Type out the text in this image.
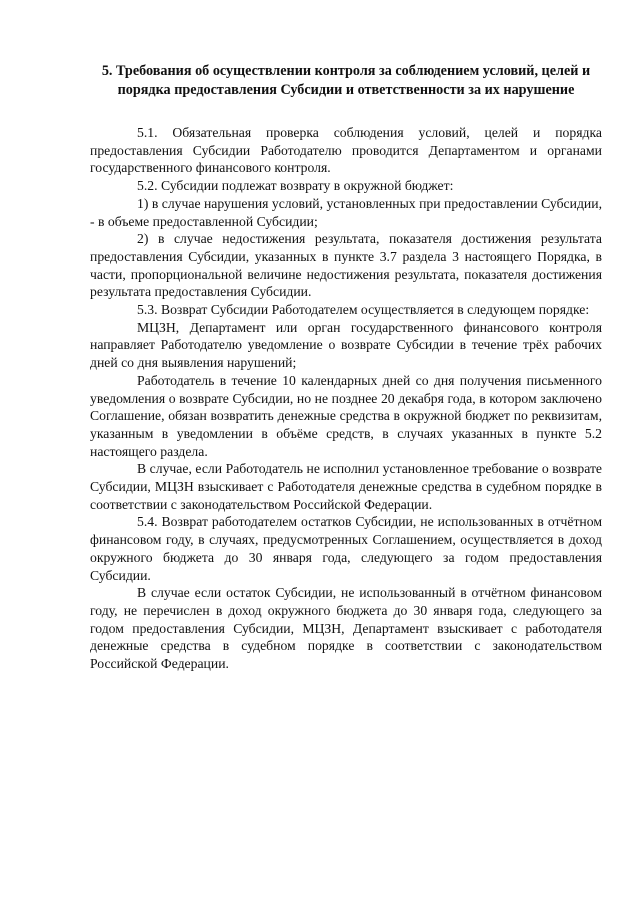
5. Требования об осуществлении контроля за соблюдением условий, целей и порядка предоставления Субсидии и ответственности за их нарушение

5.1. Обязательная проверка соблюдения условий, целей и порядка предоставления Субсидии Работодателю проводится Департаментом и органами государственного финансового контроля.

5.2. Субсидии подлежат возврату в окружной бюджет:

1) в случае нарушения условий, установленных при предоставлении Субсидии, - в объеме предоставленной Субсидии;

2) в случае недостижения результата, показателя достижения результата предоставления Субсидии, указанных в пункте 3.7 раздела 3 настоящего Порядка, в части, пропорциональной величине недостижения результата, показателя достижения результата предоставления Субсидии.

5.3. Возврат Субсидии Работодателем осуществляется в следующем порядке:

МЦЗН, Департамент или орган государственного финансового контроля направляет Работодателю уведомление о возврате Субсидии в течение трёх рабочих дней со дня выявления нарушений;

Работодатель в течение 10 календарных дней со дня получения письменного уведомления о возврате Субсидии, но не позднее 20 декабря года, в котором заключено Соглашение, обязан возвратить денежные средства в окружной бюджет по реквизитам, указанным в уведомлении в объёме средств, в случаях указанных в пункте 5.2 настоящего раздела.

В случае, если Работодатель не исполнил установленное требование о возврате Субсидии, МЦЗН взыскивает с Работодателя денежные средства в судебном порядке в соответствии с законодательством Российской Федерации.

5.4. Возврат работодателем остатков Субсидии, не использованных в отчётном финансовом году, в случаях, предусмотренных Соглашением, осуществляется в доход окружного бюджета до 30 января года, следующего за годом предоставления Субсидии.

В случае если остаток Субсидии, не использованный в отчётном финансовом году, не перечислен в доход окружного бюджета до 30 января года, следующего за годом предоставления Субсидии, МЦЗН, Департамент взыскивает с работодателя денежные средства в судебном порядке в соответствии с законодательством Российской Федерации.
